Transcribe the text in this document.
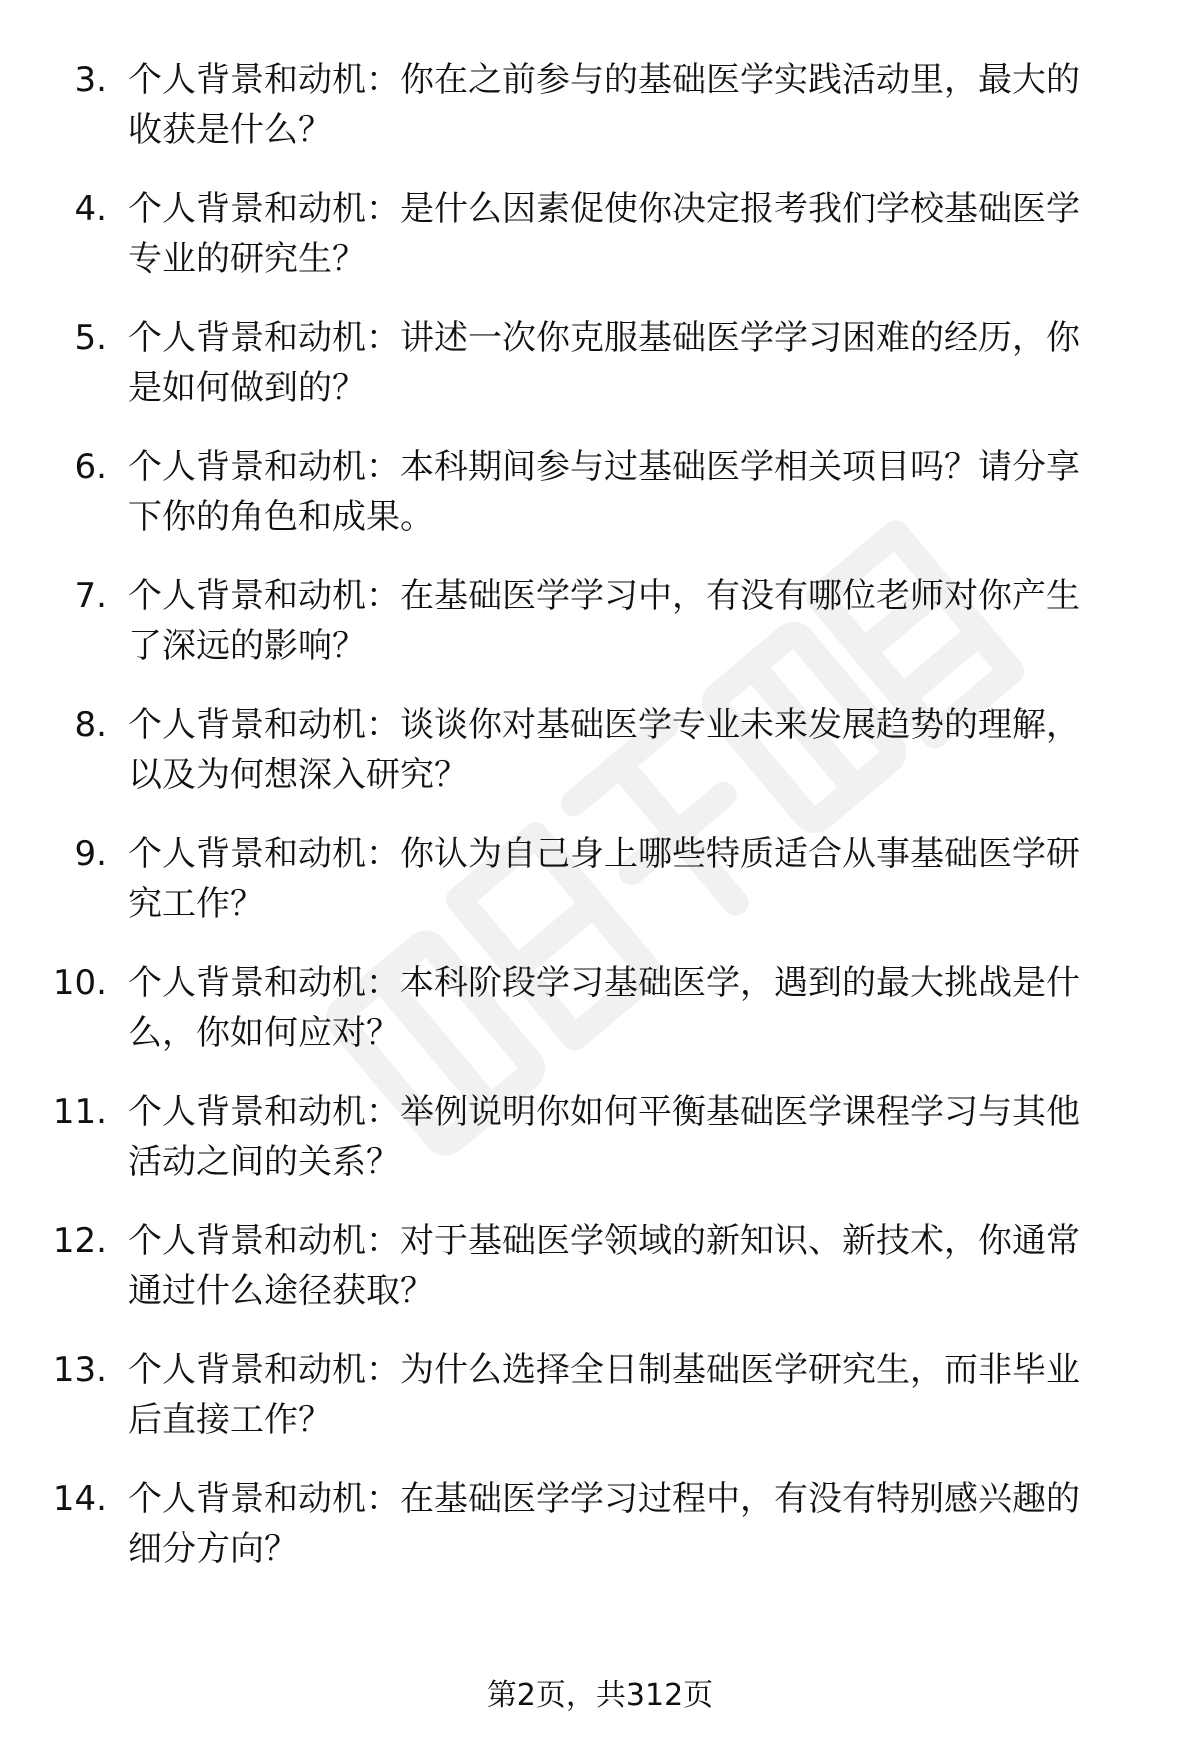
3. 个人背景和动机：你在之前参与的基础医学实践活动里，最大的
收获是什么？

4. 个人背景和动机：是什么因素促使你决定报考我们学校基础医学
专业的研究生？

5. 个人背景和动机：讲述一次你克服基础医学学习困难的经历，你
是如何做到的？

6. 个人背景和动机：本科期间参与过基础医学相关项目吗？请分享
下你的角色和成果。

7. 个人背景和动机：在基础医学学习中，有没有哪位老师对你产生
了深远的影响？

8. 个人背景和动机：谈谈你对基础医学专业未来发展趋势的理解，
以及为何想深入研究？

9. 个人背景和动机：你认为自己身上哪些特质适合从事基础医学研
究工作？

10. 个人背景和动机：本科阶段学习基础医学，遇到的最大挑战是什
么，你如何应对？

11. 个人背景和动机：举例说明你如何平衡基础医学课程学习与其他
活动之间的关系？

12. 个人背景和动机：对于基础医学领域的新知识、新技术，你通常
通过什么途径获取？

13. 个人背景和动机：为什么选择全日制基础医学研究生，而非毕业
后直接工作？

14. 个人背景和动机：在基础医学学习过程中，有没有特别感兴趣的
细分方向？

第2页，共312页
